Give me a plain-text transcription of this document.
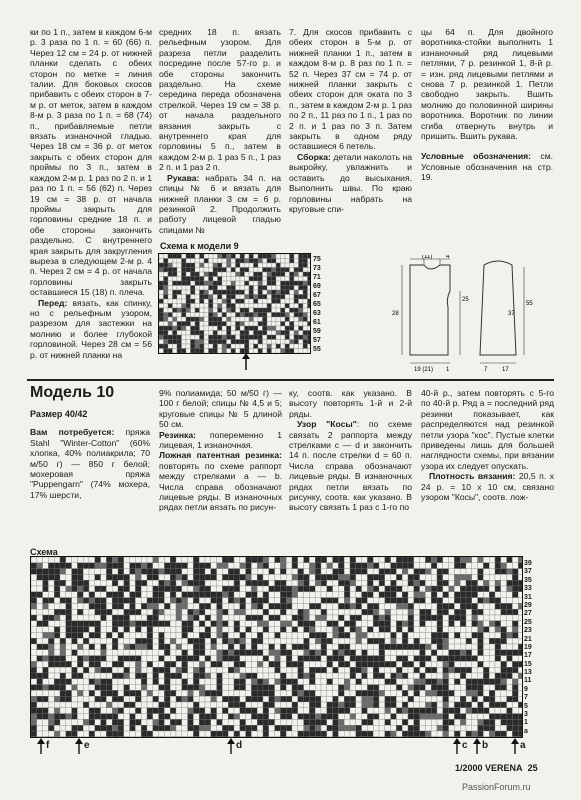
ки по 1 п., затем в каждом 6-м р. 3 раза по 1 п. = 60 (66) п. Через 12 см = 24 р. от нижней планки сделать с обеих сторон по метке = линия талии. Для боковых скосов прибавить с обеих сторон в 7-м р. от меток, затем в каждом 8-м р. 3 раза по 1 п. = 68 (74) п., прибавляемые петли вязать изнаночной гладью. Через 18 см = 36 р. от меток закрыть с обеих сторон для проймы по 3 п., затем в каждом 2-м р. 1 раз по 2 п. и 1 раз по 1 п. = 56 (62) п. Через 19 см = 38 р. от начала проймы закрыть для горловины средние 18 п. и обе стороны закончить раздельно. С внутреннего края закрыть для закругления выреза в следующем 2-м р. 4 п. Через 2 см = 4 р. от начала горловины закрыть оставшиеся 15 (18) п. плеча.

Перед: вязать, как спинку, но с рельефным узором, разрезом для застежки на молнию и более глубокой горловиной. Через 28 см = 56 р. от нижней планки на

средних 18 п. вязать рельефным узором. Для разреза петли разделить посредине после 57-го р. и обе стороны закончить раздельно. На схеме середина переда обозначена стрелкой. Через 19 см = 38 р. от начала раздельного вязания закрыть с внутреннего края для горловины 5 п., затем в каждом 2-м р. 1 раз 5 п., 1 раз 2 п. и 1 раз 2 п.

Рукава: набрать 34 п. на спицы № 6 и вязать для нижней планки 3 см = 6 р. резинкой 2. Продолжить работу лицевой гладью спицами №

7. Для скосов прибавить с обеих сторон в 5-м р. от нижней планки 1 п., затем в каждом 8-м р. 8 раз по 1 п. = 52 п. Через 37 см = 74 р. от нижней планки закрыть с обеих сторон для оката по 3 п., затем в каждом 2-м р. 1 раз по 2 п., 11 раз по 1 п., 1 раз по 2 п. и 1 раз по 3 п. Затем закрыть в одном ряду оставшиеся 6 петель.

Сборка: детали наколоть на выкройку, увлажнить и оставить до высыхания. Выполнить швы. По краю горловины набрать на круговые спи-

цы 64 п. Для двойного воротника-стойки выполнить 1 изнаночный ряд лицевыми петлями, 7 р. резинкой 1, 8-й р. = изн. ряд лицевыми петлями и снова 7 р. резинкой 1. Петли свободно закрыть. Вшить молнию до половинной ширины воротника. Воротник по линии сгиба отвернуть внутрь и пришить. Вшить рукава.

Условные обозначения: см. Условные обозначения на стр. 19.

Схема к модели 9
75
73
71
69
67
65
63
61
59
57
55
(11) 4
28
25
55
37
19 (21) 1	7 17
Модель 10

Размер 40/42

Вам потребуется: пряжа Stahl "Winter-Cotton" (60% хлопка, 40% полиакрила; 70 м/50 г) — 850 г белой; мохеровая пряжа "Puppengarn" (74% мохера, 17% шерсти,

9% полиамида; 50 м/50 г) — 100 г белой; спицы № 4,5 и 5; круговые спицы № 5 длиной 50 см.

Резинка: попеременно 1 лицевая, 1 изнаночная.

Ложная патентная резинка: повторять по схеме раппорт между стрелками а — b. Числа справа обозначают лицевые ряды. В изнаночных рядах петли вязать по рисун-

ку, соотв. как указано. В высоту повторять 1-й и 2-й ряды.

Узор "Косы": по схеме связать 2 раппорта между стрелками с — d и закончить 14 п. после стрелки d = 60 п. Числа справа обозначают лицевые ряды. В изнаночных рядах петли вязать по рисунку, соотв. как указано. В высоту связать 1 раз с 1-го по

40-й р., затем повторять с 5-го по 40-й р. Ряд а = последний ряд резинки показывает, как распределяются над резинкой петли узора "кос". Пустые клетки приведены лишь для большей наглядности схемы, при вязании узора их следует опускать.

Плотность вязания: 20,5 п. х 24 р. = 10 х 10 см, связано узором "Косы", соотв. лож-

Схема
39
37
35
33
31
29
27
25
23
21
19
17
15
13
11
9
7
5
3
1
a
f	e	d	c b	a
1/2000 VERENA 25
PassionForum.ru
